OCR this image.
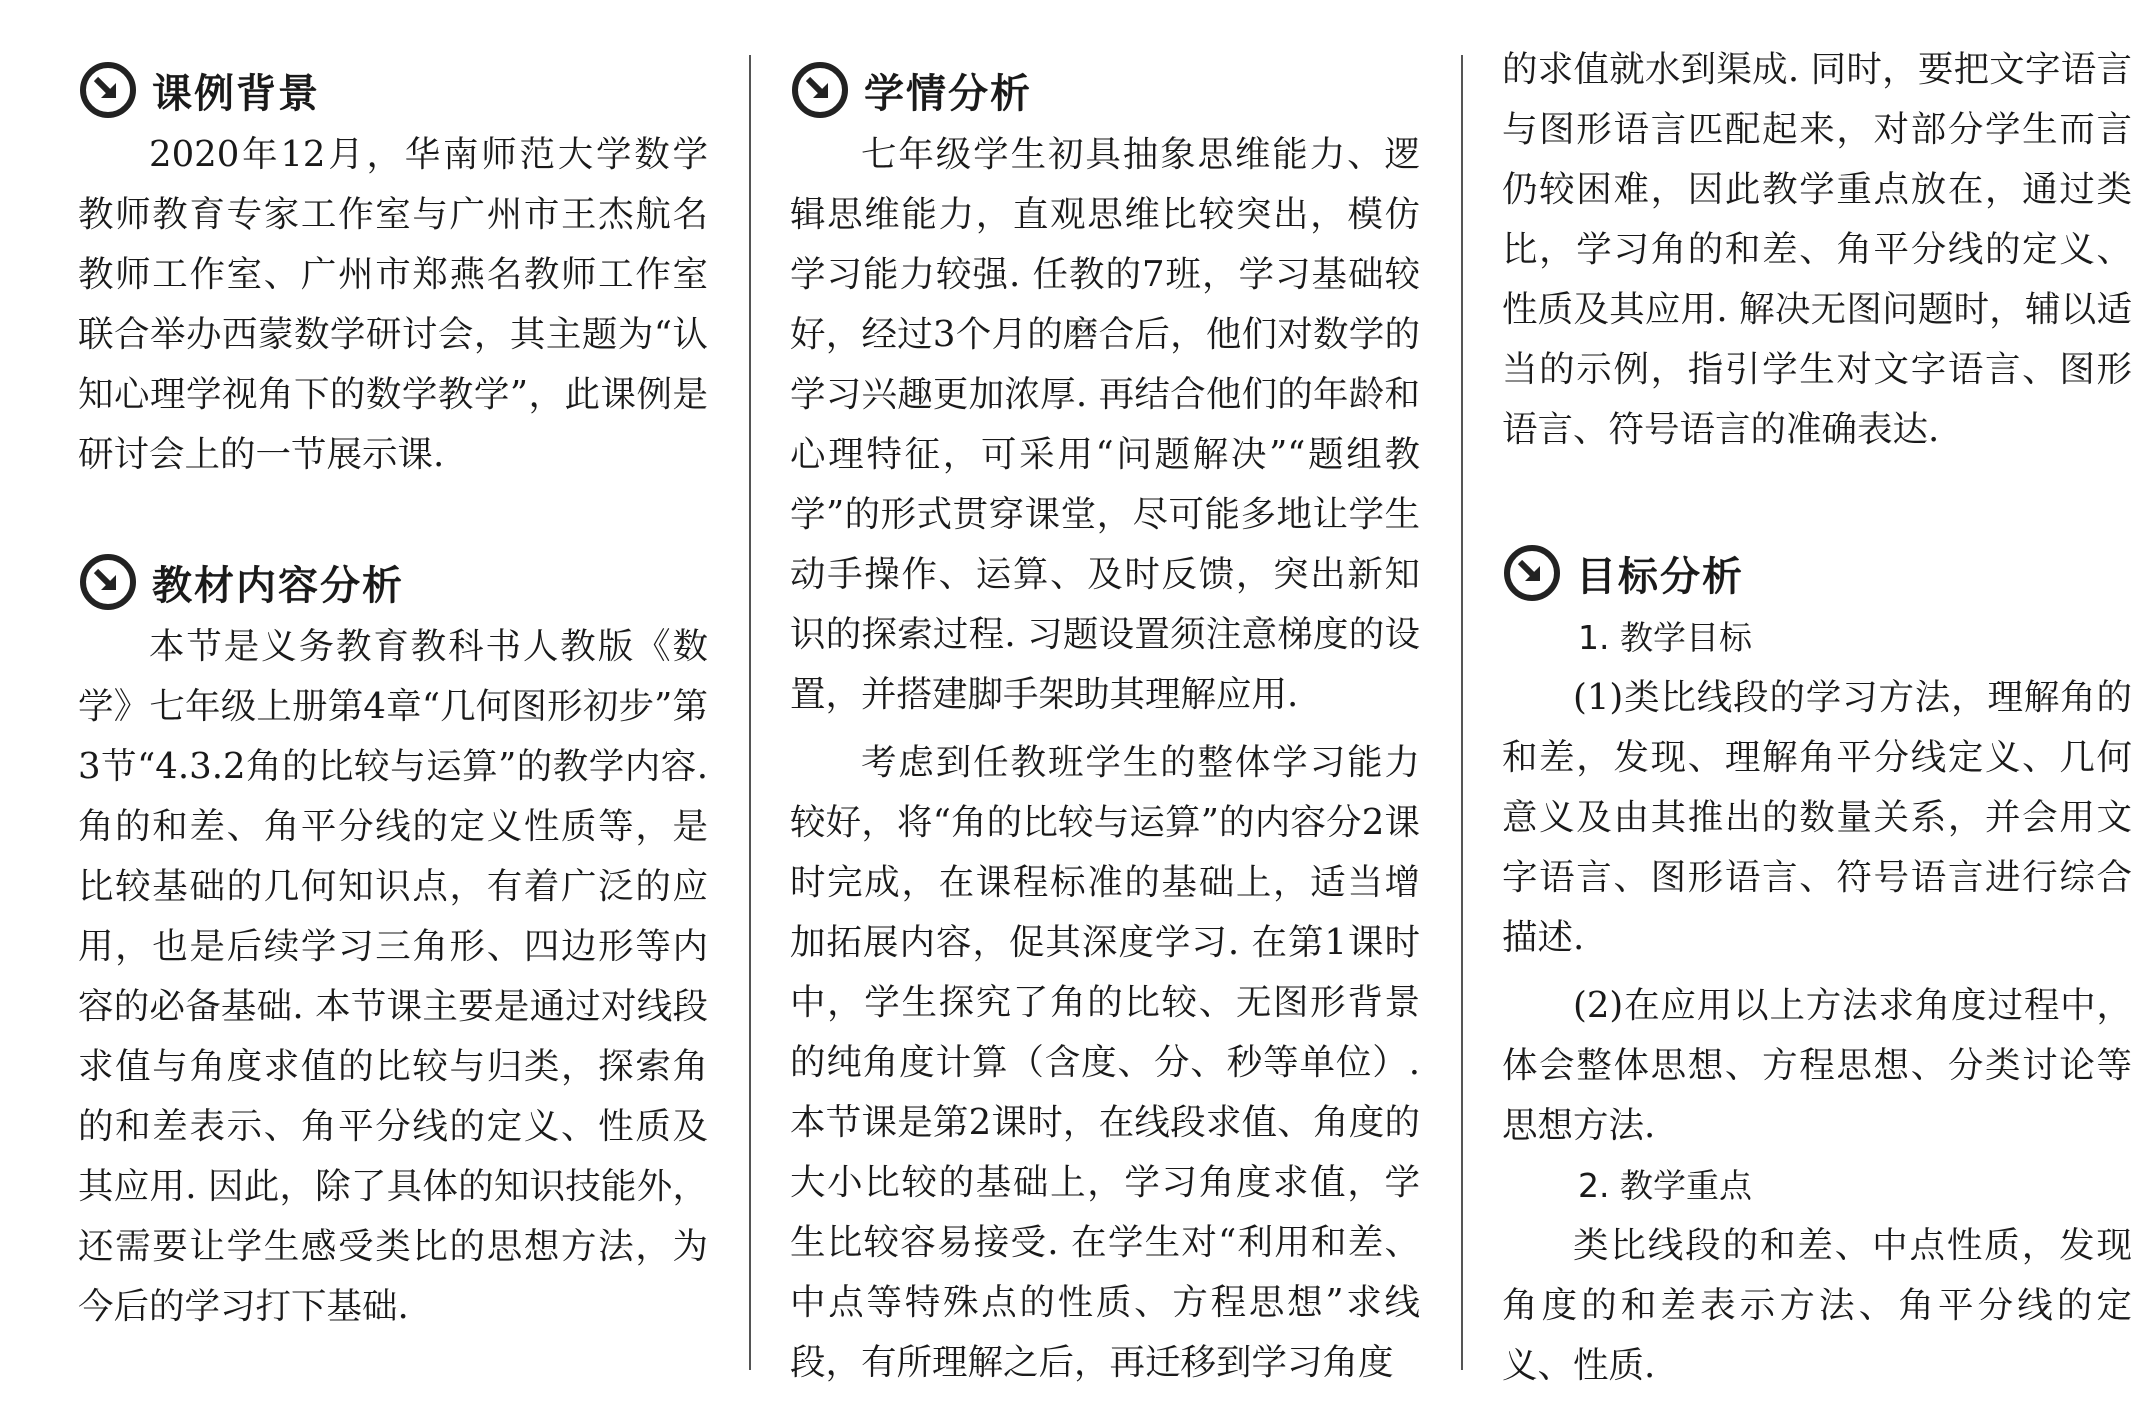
课例背景

2020年12月，华南师范大学数学教师教育专家工作室与广州市王杰航名教师工作室、广州市郑燕名教师工作室联合举办西蒙数学研讨会，其主题为“认知心理学视角下的数学教学”，此课例是研讨会上的一节展示课.

教材内容分析

本节是义务教育教科书人教版《数学》七年级上册第4章“几何图形初步”第3节“4.3.2角的比较与运算”的教学内容. 角的和差、角平分线的定义性质等，是比较基础的几何知识点，有着广泛的应用，也是后续学习三角形、四边形等内容的必备基础. 本节课主要是通过对线段求值与角度求值的比较与归类，探索角的和差表示、角平分线的定义、性质及其应用. 因此，除了具体的知识技能外，还需要让学生感受类比的思想方法，为今后的学习打下基础.

学情分析

七年级学生初具抽象思维能力、逻辑思维能力，直观思维比较突出，模仿学习能力较强. 任教的7班，学习基础较好，经过3个月的磨合后，他们对数学的学习兴趣更加浓厚. 再结合他们的年龄和心理特征，可采用“问题解决”“题组教学”的形式贯穿课堂，尽可能多地让学生动手操作、运算、及时反馈，突出新知识的探索过程. 习题设置须注意梯度的设置，并搭建脚手架助其理解应用.

考虑到任教班学生的整体学习能力较好，将“角的比较与运算”的内容分2课时完成，在课程标准的基础上，适当增加拓展内容，促其深度学习. 在第1课时中，学生探究了角的比较、无图形背景的纯角度计算（含度、分、秒等单位）. 本节课是第2课时，在线段求值、角度的大小比较的基础上，学习角度求值，学生比较容易接受. 在学生对“利用和差、中点等特殊点的性质、方程思想”求线段，有所理解之后，再迁移到学习角度

的求值就水到渠成. 同时，要把文字语言与图形语言匹配起来，对部分学生而言仍较困难，因此教学重点放在，通过类比，学习角的和差、角平分线的定义、性质及其应用. 解决无图问题时，辅以适当的示例，指引学生对文字语言、图形语言、符号语言的准确表达.

目标分析
1. 教学目标

(1)类比线段的学习方法，理解角的和差，发现、理解角平分线定义、几何意义及由其推出的数量关系，并会用文字语言、图形语言、符号语言进行综合描述.

(2)在应用以上方法求角度过程中，体会整体思想、方程思想、分类讨论等思想方法.

2. 教学重点

类比线段的和差、中点性质，发现角度的和差表示方法、角平分线的定义、性质.
